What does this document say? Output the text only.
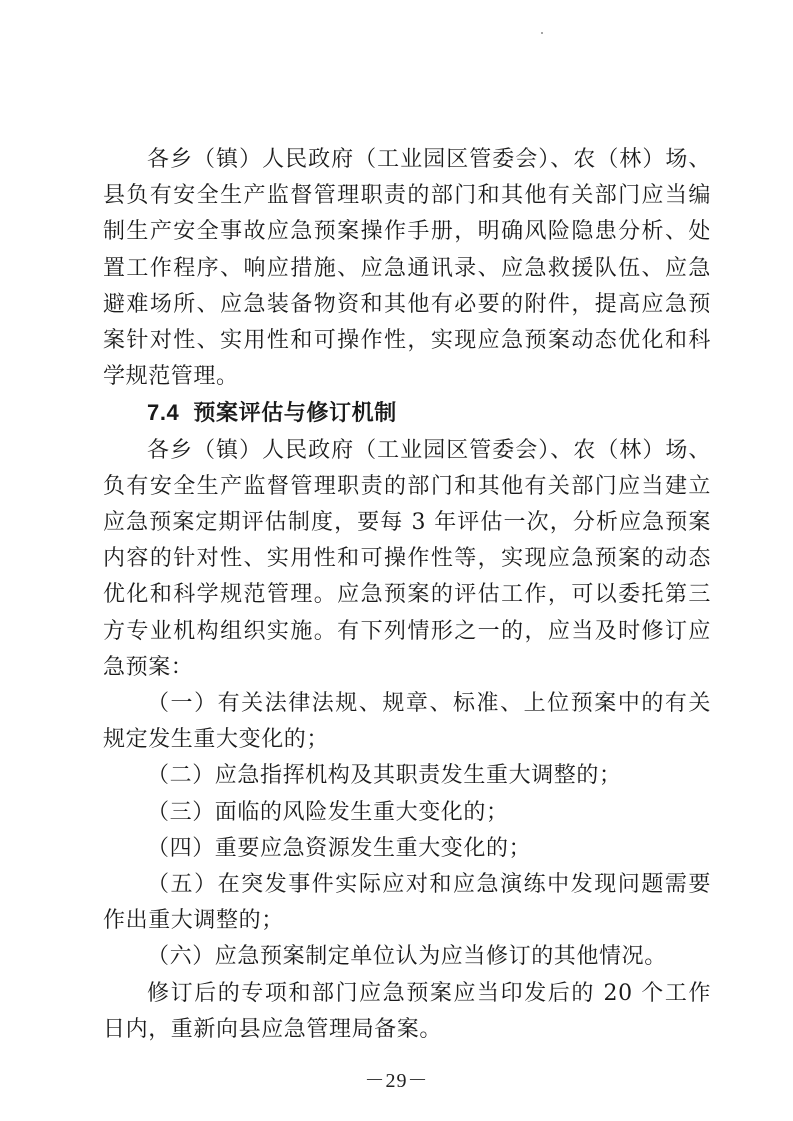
各乡（镇）人民政府（工业园区管委会）、农（林）场、县负有安全生产监督管理职责的部门和其他有关部门应当编制生产安全事故应急预案操作手册，明确风险隐患分析、处置工作程序、响应措施、应急通讯录、应急救援队伍、应急避难场所、应急装备物资和其他有必要的附件，提高应急预案针对性、实用性和可操作性，实现应急预案动态优化和科学规范管理。

7.4 预案评估与修订机制

各乡（镇）人民政府（工业园区管委会）、农（林）场、负有安全生产监督管理职责的部门和其他有关部门应当建立应急预案定期评估制度，要每 3 年评估一次，分析应急预案内容的针对性、实用性和可操作性等，实现应急预案的动态优化和科学规范管理。应急预案的评估工作，可以委托第三方专业机构组织实施。有下列情形之一的，应当及时修订应急预案：

（一）有关法律法规、规章、标准、上位预案中的有关规定发生重大变化的；

（二）应急指挥机构及其职责发生重大调整的；

（三）面临的风险发生重大变化的；

（四）重要应急资源发生重大变化的；

（五）在突发事件实际应对和应急演练中发现问题需要作出重大调整的；

（六）应急预案制定单位认为应当修订的其他情况。

修订后的专项和部门应急预案应当印发后的 20 个工作日内，重新向县应急管理局备案。

－29－
